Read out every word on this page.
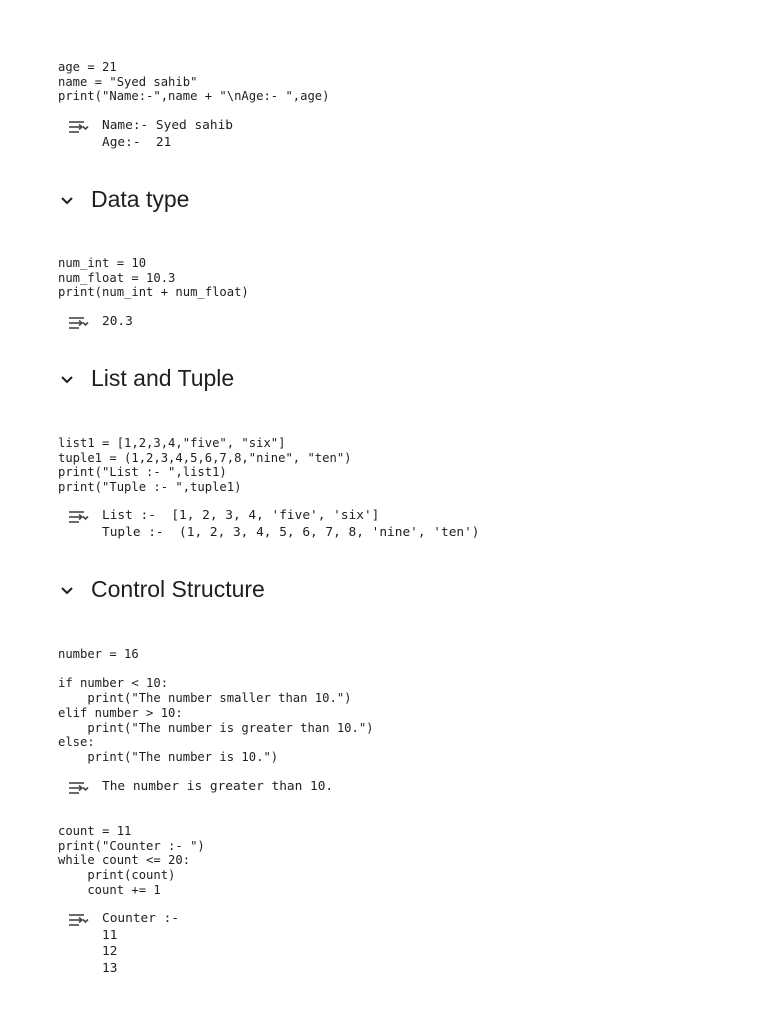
age = 21
name = "Syed sahib"
print("Name:-",name + "\nAge:- ",age)
Name:- Syed sahib
Age:-  21
Data type
num_int = 10
num_float = 10.3
print(num_int + num_float)
20.3
List and Tuple
list1 = [1,2,3,4,"five", "six"]
tuple1 = (1,2,3,4,5,6,7,8,"nine", "ten")
print("List :- ",list1)
print("Tuple :- ",tuple1)
List :-  [1, 2, 3, 4, 'five', 'six']
Tuple :-  (1, 2, 3, 4, 5, 6, 7, 8, 'nine', 'ten')
Control Structure
number = 16

if number < 10:
print("The number smaller than 10.")
elif number > 10:
print("The number is greater than 10.")
else:
print("The number is 10.")
The number is greater than 10.
count = 11
print("Counter :- ")
while count <= 20:
print(count)
count += 1
Counter :-
11
12
13
